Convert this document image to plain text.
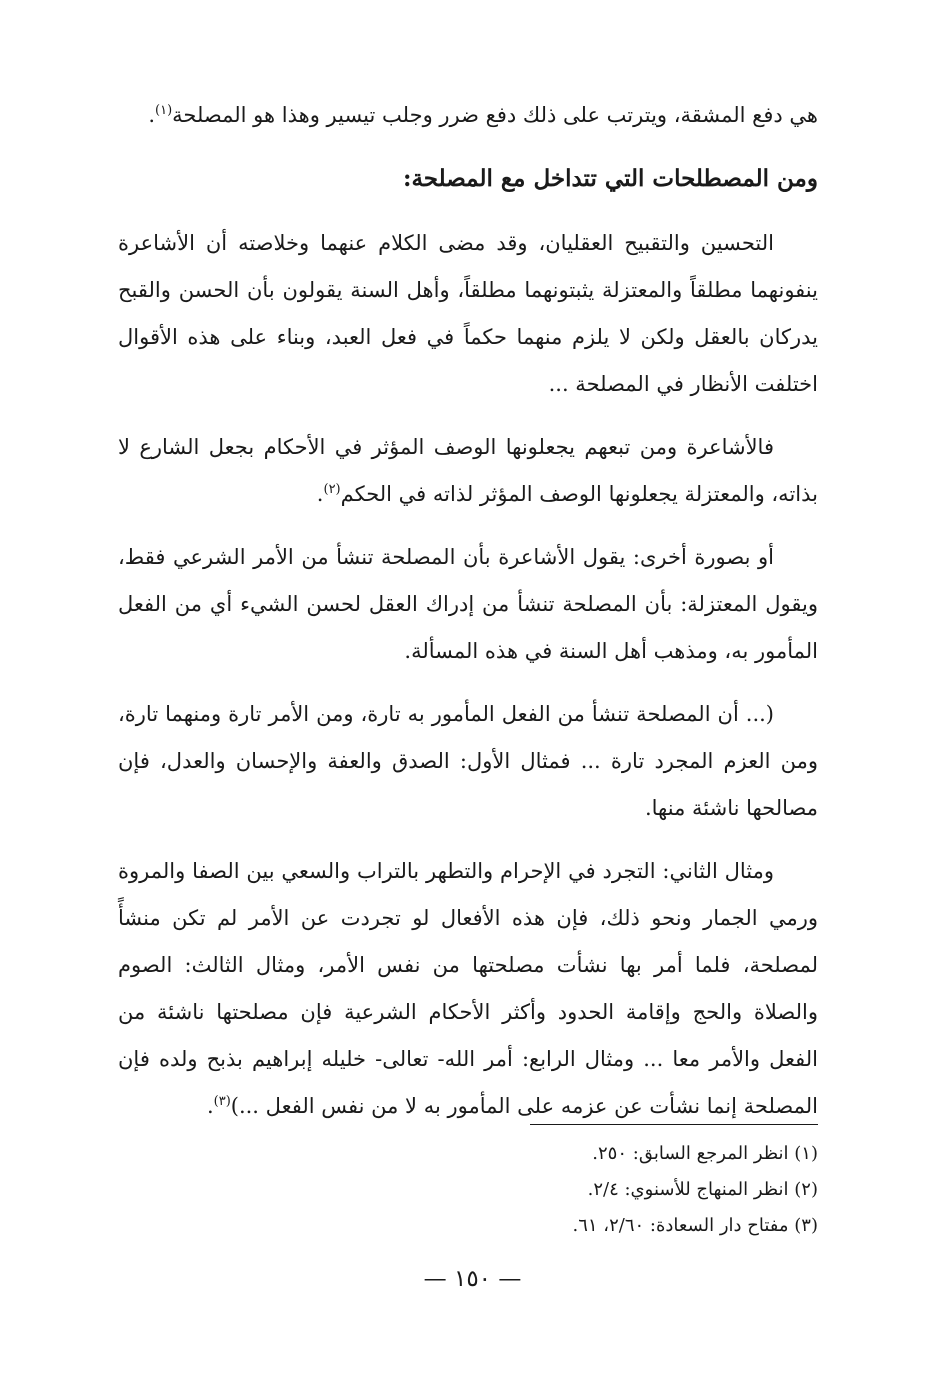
هي دفع المشقة، ويترتب على ذلك دفع ضرر وجلب تيسير وهذا هو المصلحة$^{(١)}$.

ومن المصطلحات التي تتداخل مع المصلحة:

التحسين والتقبيح العقليان، وقد مضى الكلام عنهما وخلاصته أن الأشاعرة ينفونهما مطلقاً والمعتزلة يثبتونهما مطلقاً، وأهل السنة يقولون بأن الحسن والقبح يدركان بالعقل ولكن لا يلزم منهما حكماً في فعل العبد، وبناء على هذه الأقوال اختلفت الأنظار في المصلحة ...

فالأشاعرة ومن تبعهم يجعلونها الوصف المؤثر في الأحكام بجعل الشارع لا بذاته، والمعتزلة يجعلونها الوصف المؤثر لذاته في الحكم$^{(٢)}$.

أو بصورة أخرى: يقول الأشاعرة بأن المصلحة تنشأ من الأمر الشرعي فقط، ويقول المعتزلة: بأن المصلحة تنشأ من إدراك العقل لحسن الشيء أي من الفعل المأمور به، ومذهب أهل السنة في هذه المسألة.

(... أن المصلحة تنشأ من الفعل المأمور به تارة، ومن الأمر تارة ومنهما تارة، ومن العزم المجرد تارة ... فمثال الأول: الصدق والعفة والإحسان والعدل، فإن مصالحها ناشئة منها.

ومثال الثاني: التجرد في الإحرام والتطهر بالتراب والسعي بين الصفا والمروة ورمي الجمار ونحو ذلك، فإن هذه الأفعال لو تجردت عن الأمر لم تكن منشأً لمصلحة، فلما أمر بها نشأت مصلحتها من نفس الأمر، ومثال الثالث: الصوم والصلاة والحج وإقامة الحدود وأكثر الأحكام الشرعية فإن مصلحتها ناشئة من الفعل والأمر معا ... ومثال الرابع: أمر الله- تعالى- خليله إبراهيم بذبح ولده فإن المصلحة إنما نشأت عن عزمه على المأمور به لا من نفس الفعل ...)$^{(٣)}$.

(١) انظر المرجع السابق: ٢٥٠.

(٢) انظر المنهاج للأسنوي: ٢/٤.

(٣) مفتاح دار السعادة: ٢/٦٠، ٦١.

— ١٥٠ —
